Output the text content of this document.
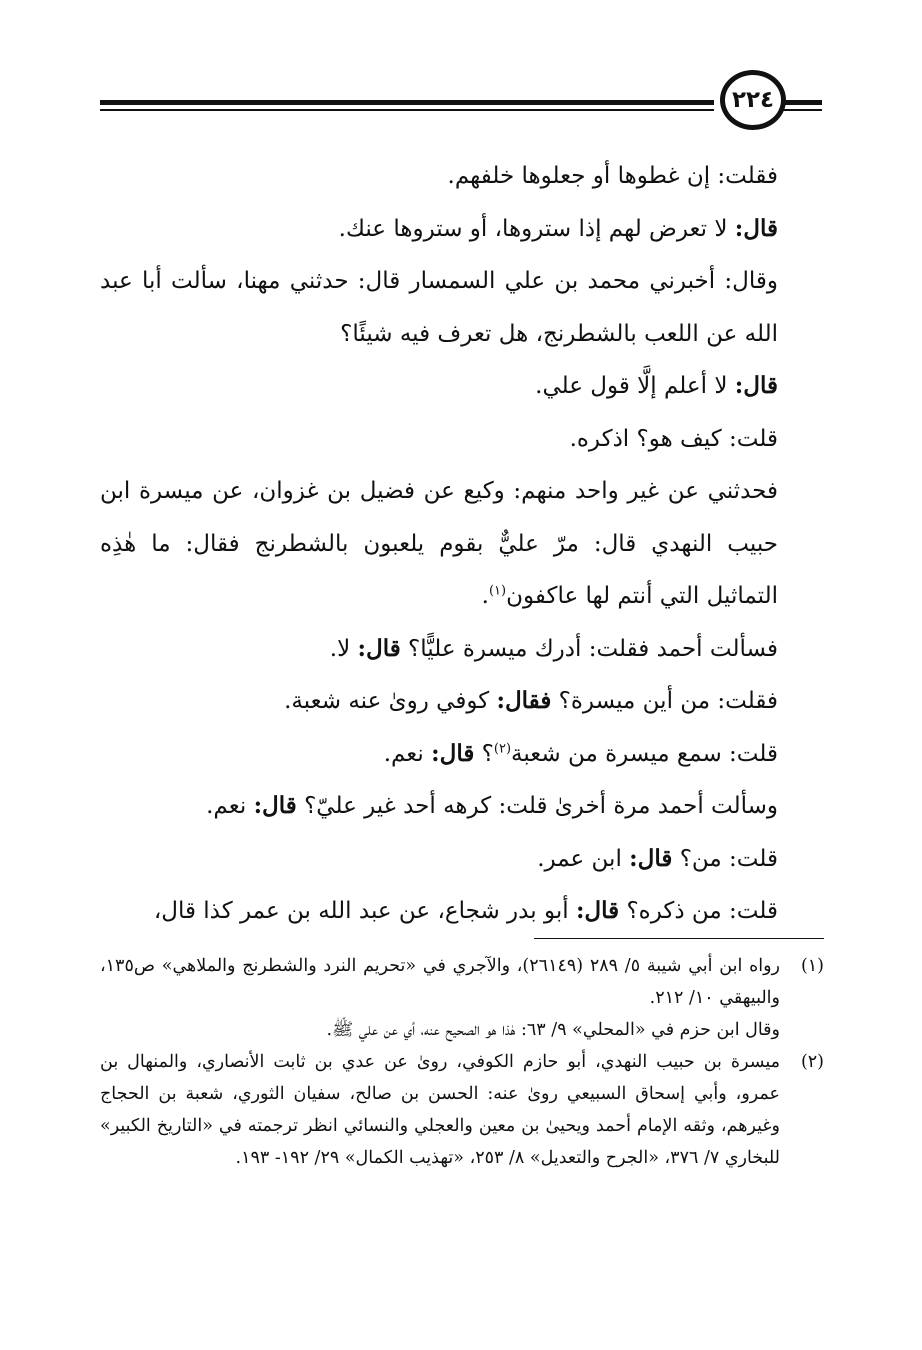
٢٢٤

فقلت: إن غطوها أو جعلوها خلفهم.

قال: لا تعرض لهم إذا ستروها، أو ستروها عنك.

وقال: أخبرني محمد بن علي السمسار قال: حدثني مهنا، سألت أبا عبد الله عن اللعب بالشطرنج، هل تعرف فيه شيئًا؟

قال: لا أعلم إلَّا قول علي.

قلت: كيف هو؟ اذكره.

فحدثني عن غير واحد منهم: وكيع عن فضيل بن غزوان، عن ميسرة ابن حبيب النهدي قال: مرّ عليٌّ بقوم يلعبون بالشطرنج فقال: ما هٰذِه التماثيل التي أنتم لها عاكفون$^{(١)}$.

فسألت أحمد فقلت: أدرك ميسرة عليًّا؟ قال: لا.

فقلت: من أين ميسرة؟ فقال: كوفي روىٰ عنه شعبة.

قلت: سمع ميسرة من شعبة$^{(٢)}$؟ قال: نعم.

وسألت أحمد مرة أخرىٰ قلت: كرهه أحد غير عليّ؟ قال: نعم.

قلت: من؟ قال: ابن عمر.

قلت: من ذكره؟ قال: أبو بدر شجاع، عن عبد الله بن عمر كذا قال،

(١)
رواه ابن أبي شيبة ٥/ ٢٨٩ (٢٦١٤٩)، والآجري في «تحريم النرد والشطرنج والملاهي» ص١٣٥، والبيهقي ١٠/ ٢١٢.
وقال ابن حزم في «المحلي» ٩/ ٦٣: هٰذا هو الصحيح عنه، أي عن علي ﷺ.
(٢)
ميسرة بن حبيب النهدي، أبو حازم الكوفي، روىٰ عن عدي بن ثابت الأنصاري، والمنهال بن عمرو، وأبي إسحاق السبيعي روىٰ عنه: الحسن بن صالح، سفيان الثوري، شعبة بن الحجاج وغيرهم، وثقه الإمام أحمد ويحيىٰ بن معين والعجلي والنسائي انظر ترجمته في «التاريخ الكبير» للبخاري ٧/ ٣٧٦، «الجرح والتعديل» ٨/ ٢٥٣، «تهذيب الكمال» ٢٩/ ١٩٢- ١٩٣.
